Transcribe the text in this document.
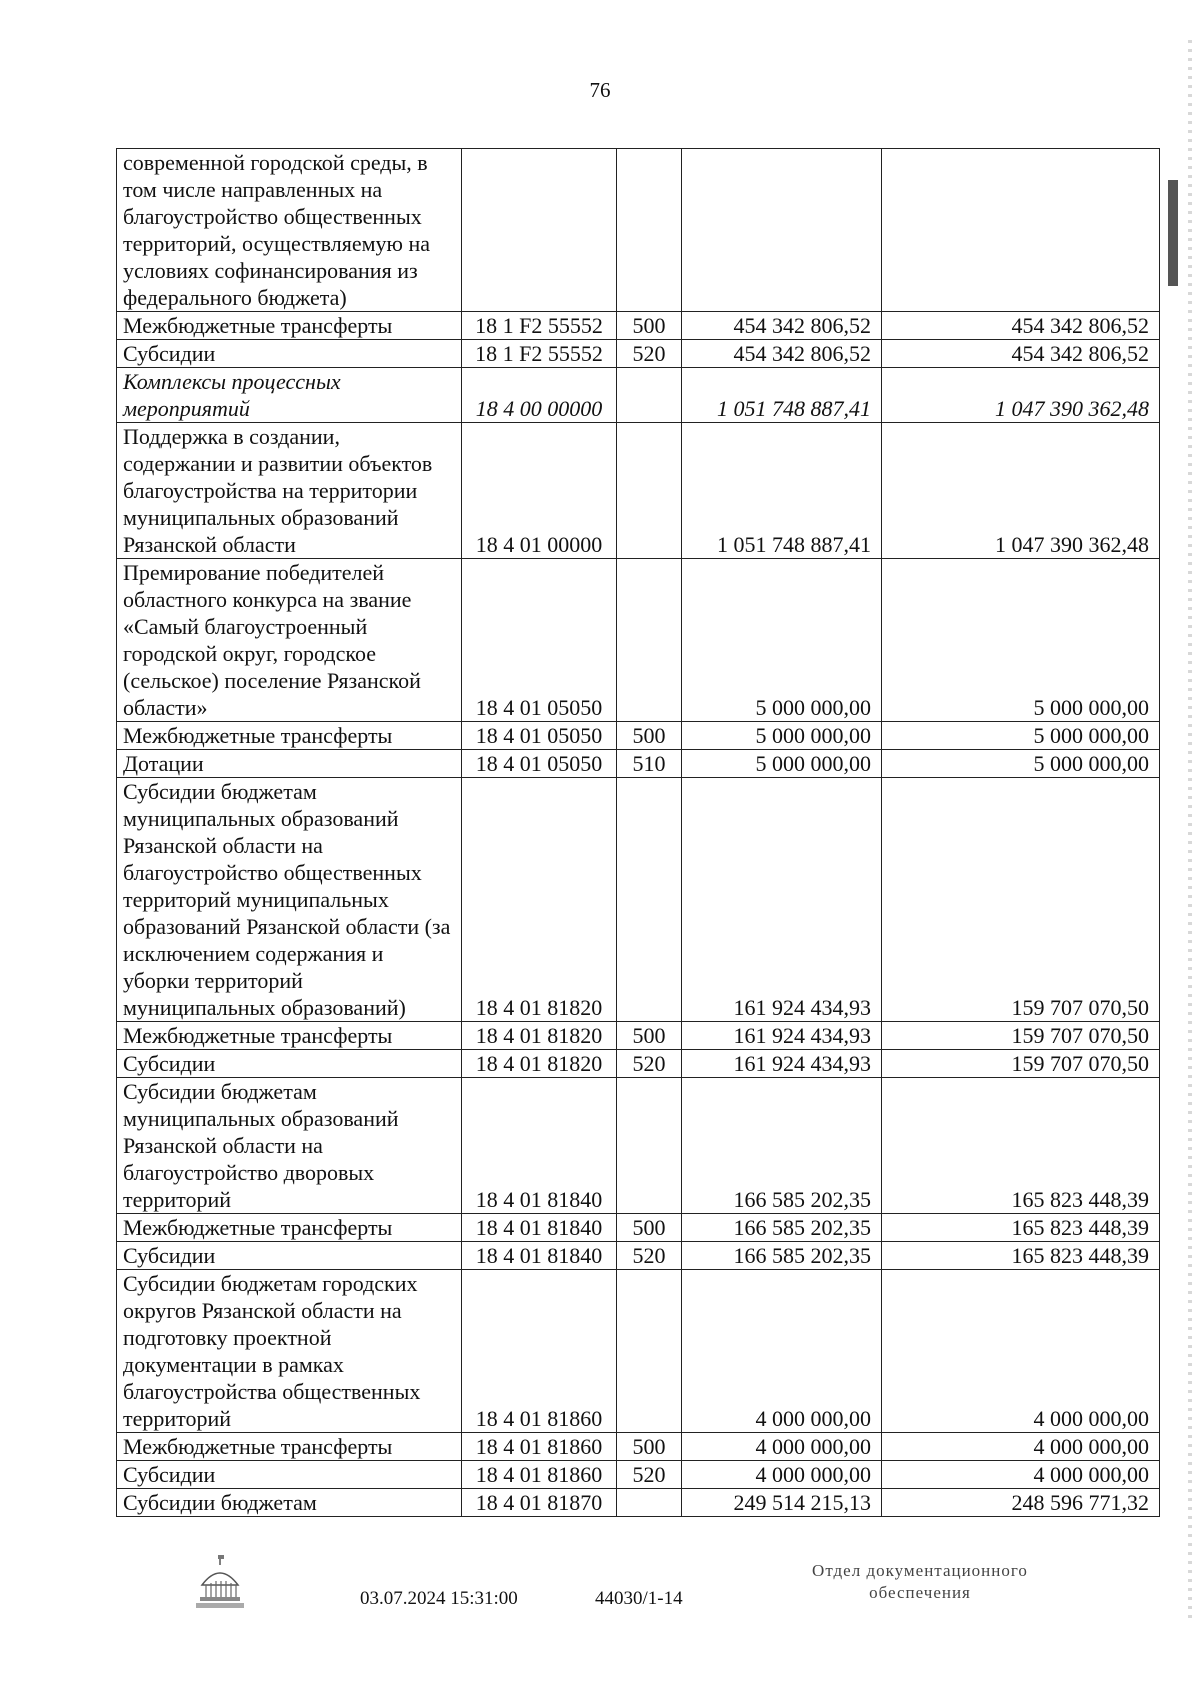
76
современной городской среды, в том числе направленных на благоустройство общественных территорий, осуществляемую на условиях софинансирования из федерального бюджета)				
Межбюджетные трансферты	18 1 F2 55552	500	454 342 806,52	454 342 806,52
Субсидии	18 1 F2 55552	520	454 342 806,52	454 342 806,52
Комплексы процессных мероприятий	18 4 00 00000		1 051 748 887,41	1 047 390 362,48
Поддержка в создании, содержании и развитии объектов благоустройства на территории муниципальных образований Рязанской области	18 4 01 00000		1 051 748 887,41	1 047 390 362,48
Премирование победителей областного конкурса на звание «Самый благоустроенный городской округ, городское (сельское) поселение Рязанской области»	18 4 01 05050		5 000 000,00	5 000 000,00
Межбюджетные трансферты	18 4 01 05050	500	5 000 000,00	5 000 000,00
Дотации	18 4 01 05050	510	5 000 000,00	5 000 000,00
Субсидии бюджетам муниципальных образований Рязанской области на благоустройство общественных территорий муниципальных образований Рязанской области (за исключением содержания и уборки территорий муниципальных образований)	18 4 01 81820		161 924 434,93	159 707 070,50
Межбюджетные трансферты	18 4 01 81820	500	161 924 434,93	159 707 070,50
Субсидии	18 4 01 81820	520	161 924 434,93	159 707 070,50
Субсидии бюджетам муниципальных образований Рязанской области на благоустройство дворовых территорий	18 4 01 81840		166 585 202,35	165 823 448,39
Межбюджетные трансферты	18 4 01 81840	500	166 585 202,35	165 823 448,39
Субсидии	18 4 01 81840	520	166 585 202,35	165 823 448,39
Субсидии бюджетам городских округов Рязанской области на подготовку проектной документации в рамках благоустройства общественных территорий	18 4 01 81860		4 000 000,00	4 000 000,00
Межбюджетные трансферты	18 4 01 81860	500	4 000 000,00	4 000 000,00
Субсидии	18 4 01 81860	520	4 000 000,00	4 000 000,00
Субсидии бюджетам	18 4 01 81870		249 514 215,13	248 596 771,32
03.07.2024 15:31:00	44030/1-14
Отдел документационного
обеспечения
